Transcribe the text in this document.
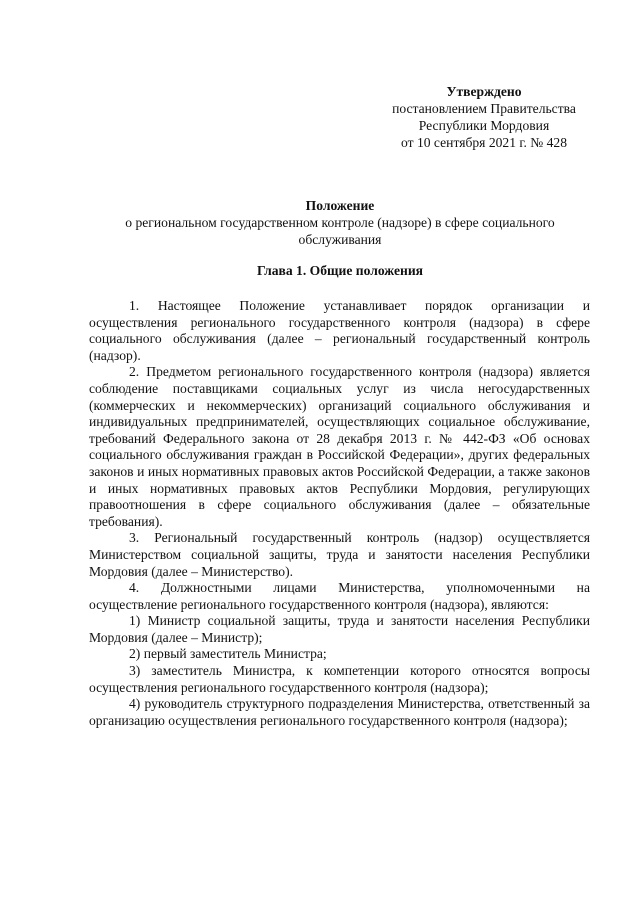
Утверждено
постановлением Правительства
Республики Мордовия
от 10 сентября 2021 г. № 428
Положение
о региональном государственном контроле (надзоре) в сфере социального обслуживания
Глава 1. Общие положения

1. Настоящее Положение устанавливает порядок организации и осуществления регионального государственного контроля (надзора) в сфере социального обслуживания (далее – региональный государственный контроль (надзор).

2. Предметом регионального государственного контроля (надзора) является соблюдение поставщиками социальных услуг из числа негосударственных (коммерческих и некоммерческих) организаций социального обслуживания и индивидуальных предпринимателей, осуществляющих социальное обслуживание, требований Федерального закона от 28 декабря 2013 г. № 442-ФЗ «Об основах социального обслуживания граждан в Российской Федерации», других федеральных законов и иных нормативных правовых актов Российской Федерации, а также законов и иных нормативных правовых актов Республики Мордовия, регулирующих правоотношения в сфере социального обслуживания (далее – обязательные требования).

3. Региональный государственный контроль (надзор) осуществляется Министерством социальной защиты, труда и занятости населения Республики Мордовия (далее – Министерство).

4. Должностными лицами Министерства, уполномоченными на осуществление регионального государственного контроля (надзора), являются:

1) Министр социальной защиты, труда и занятости населения Республики Мордовия (далее – Министр);

2) первый заместитель Министра;

3) заместитель Министра, к компетенции которого относятся вопросы осуществления регионального государственного контроля (надзора);

4) руководитель структурного подразделения Министерства, ответственный за организацию осуществления регионального государственного контроля (надзора);
